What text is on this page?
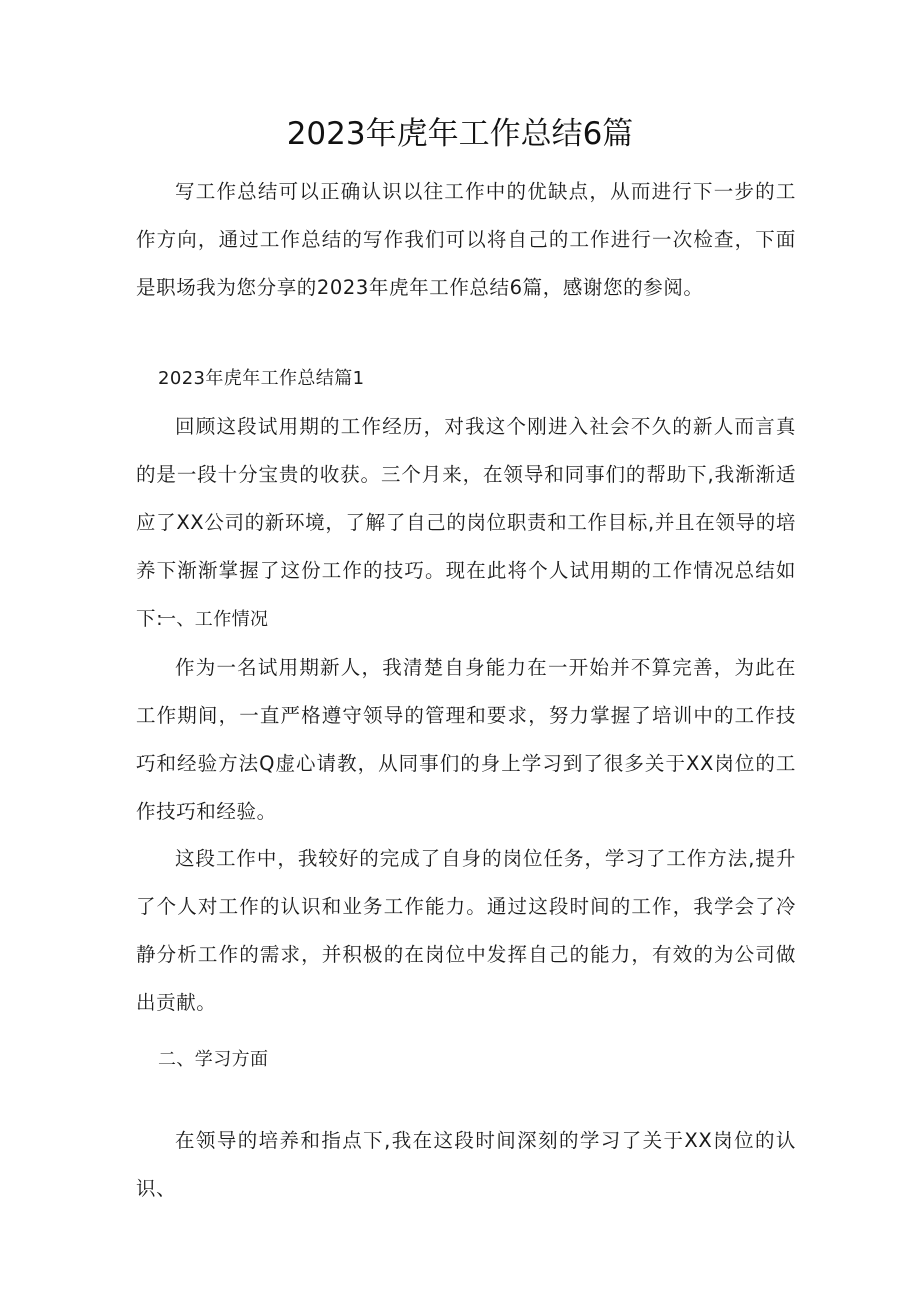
2023年虎年工作总结6篇

写工作总结可以正确认识以往工作中的优缺点，从而进行下一步的工作方向，通过工作总结的写作我们可以将自己的工作进行一次检查，下面是职场我为您分享的2023年虎年工作总结6篇，感谢您的参阅。

2023年虎年工作总结篇1

回顾这段试用期的工作经历，对我这个刚进入社会不久的新人而言真的是一段十分宝贵的收获。三个月来，在领导和同事们的帮助下,我渐渐适应了XX公司的新环境，了解了自己的岗位职责和工作目标,并且在领导的培养下渐渐掌握了这份工作的技巧。现在此将个人试用期的工作情况总结如下:

一、工作情况

作为一名试用期新人，我清楚自身能力在一开始并不算完善，为此在工作期间，一直严格遵守领导的管理和要求，努力掌握了培训中的工作技巧和经验方法Q虚心请教，从同事们的身上学习到了很多关于XX岗位的工作技巧和经验。

这段工作中，我较好的完成了自身的岗位任务，学习了工作方法,提升了个人对工作的认识和业务工作能力。通过这段时间的工作，我学会了冷静分析工作的需求，并积极的在岗位中发挥自己的能力，有效的为公司做出贡献。

二、学习方面

在领导的培养和指点下,我在这段时间深刻的学习了关于XX岗位的认识、
